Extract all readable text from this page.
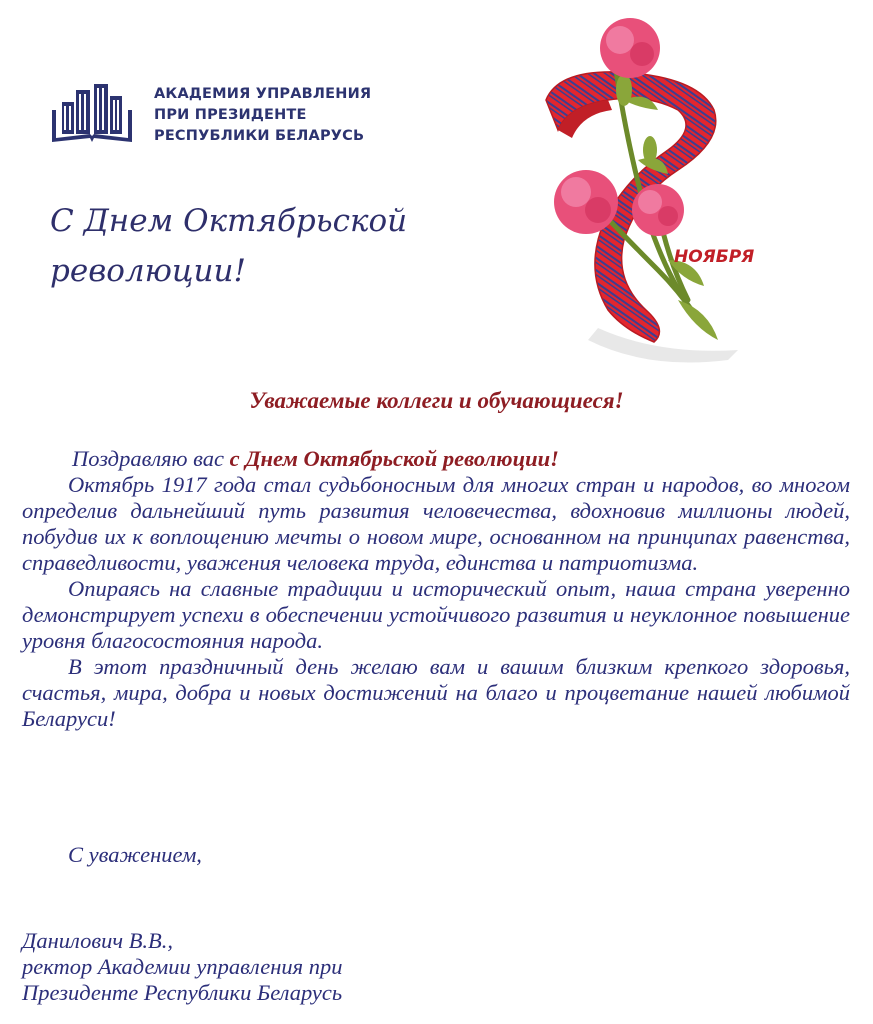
АКАДЕМИЯ УПРАВЛЕНИЯ
ПРИ ПРЕЗИДЕНТЕ
РЕСПУБЛИКИ БЕЛАРУСЬ
С Днем Октябрьской
революции!	НОЯБРЯ
Уважаемые коллеги и обучающиеся!

Поздравляю вас с Днем Октябрьской революции!

Октябрь 1917 года стал судьбоносным для многих стран и народов, во многом определив дальнейший путь развития человечества, вдохновив миллионы людей, побудив их к воплощению мечты о новом мире, основанном на принципах равенства, справедливости, уважения человека труда, единства и патриотизма.

Опираясь на славные традиции и исторический опыт, наша страна уверенно демонстрирует успехи в обеспечении устойчивого развития и неуклонное повышение уровня благосостояния народа.

В этот праздничный день желаю вам и вашим близким крепкого здоровья, счастья, мира, добра и новых достижений на благо и процветание нашей любимой Беларуси!

С уважением,
Данилович В.В.,
ректор Академии управления при
Президенте Республики Беларусь
